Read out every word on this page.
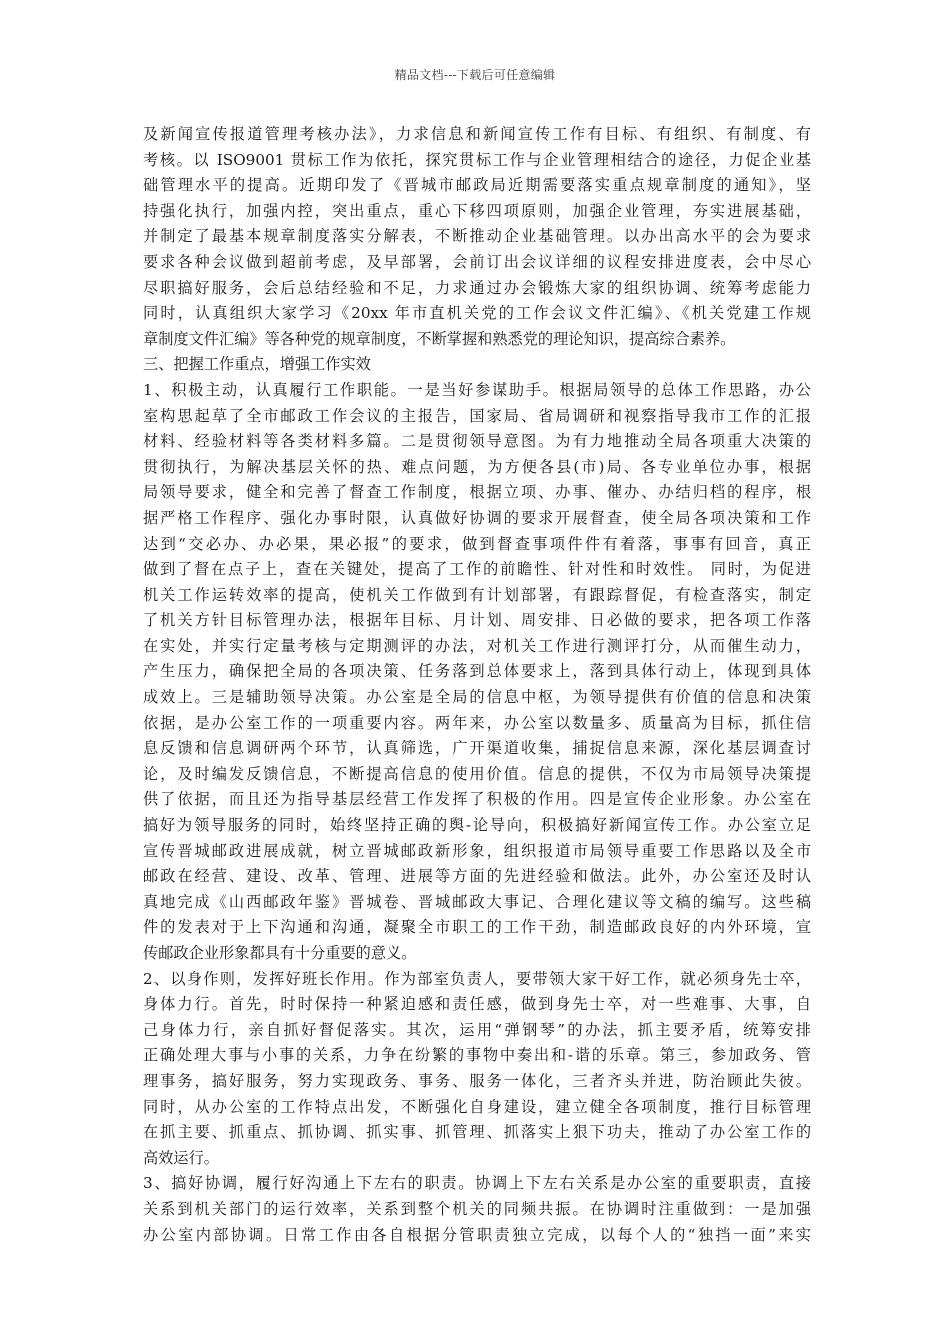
精品文档---下载后可任意编辑
及新闻宣传报道管理考核办法》，力求信息和新闻宣传工作有目标、有组织、有制度、有
考核。以 ISO9001 贯标工作为依托，探究贯标工作与企业管理相结合的途径，力促企业基
础管理水平的提高。近期印发了《晋城市邮政局近期需要落实重点规章制度的通知》，坚
持强化执行，加强内控，突出重点，重心下移四项原则，加强企业管理，夯实进展基础，
并制定了最基本规章制度落实分解表，不断推动企业基础管理。以办出高水平的会为要求
要求各种会议做到超前考虑，及早部署，会前订出会议详细的议程安排进度表，会中尽心
尽职搞好服务，会后总结经验和不足，力求通过办会锻炼大家的组织协调、统筹考虑能力
同时，认真组织大家学习《20xx 年市直机关党的工作会议文件汇编》、《机关党建工作规
章制度文件汇编》等各种党的规章制度，不断掌握和熟悉党的理论知识，提高综合素养。
三、把握工作重点，增强工作实效
1、积极主动，认真履行工作职能。一是当好参谋助手。根据局领导的总体工作思路，办公
室构思起草了全市邮政工作会议的主报告，国家局、省局调研和视察指导我市工作的汇报
材料、经验材料等各类材料多篇。二是贯彻领导意图。为有力地推动全局各项重大决策的
贯彻执行，为解决基层关怀的热、难点问题，为方便各县(市)局、各专业单位办事，根据
局领导要求，健全和完善了督查工作制度，根据立项、办事、催办、办结归档的程序，根
据严格工作程序、强化办事时限，认真做好协调的要求开展督查，使全局各项决策和工作
达到“交必办、办必果，果必报”的要求，做到督查事项件件有着落，事事有回音，真正
做到了督在点子上，查在关键处，提高了工作的前瞻性、针对性和时效性。 同时，为促进
机关工作运转效率的提高，使机关工作做到有计划部署，有跟踪督促，有检查落实，制定
了机关方针目标管理办法，根据年目标、月计划、周安排、日必做的要求，把各项工作落
在实处，并实行定量考核与定期测评的办法，对机关工作进行测评打分，从而催生动力，
产生压力，确保把全局的各项决策、任务落到总体要求上，落到具体行动上，体现到具体
成效上。三是辅助领导决策。办公室是全局的信息中枢，为领导提供有价值的信息和决策
依据，是办公室工作的一项重要内容。两年来，办公室以数量多、质量高为目标，抓住信
息反馈和信息调研两个环节，认真筛选，广开渠道收集，捕捉信息来源，深化基层调查讨
论，及时编发反馈信息，不断提高信息的使用价值。信息的提供，不仅为市局领导决策提
供了依据，而且还为指导基层经营工作发挥了积极的作用。四是宣传企业形象。办公室在
搞好为领导服务的同时，始终坚持正确的舆-论导向，积极搞好新闻宣传工作。办公室立足
宣传晋城邮政进展成就，树立晋城邮政新形象，组织报道市局领导重要工作思路以及全市
邮政在经营、建设、改革、管理、进展等方面的先进经验和做法。此外，办公室还及时认
真地完成《山西邮政年鉴》晋城卷、晋城邮政大事记、合理化建议等文稿的编写。这些稿
件的发表对于上下沟通和沟通，凝聚全市职工的工作干劲，制造邮政良好的内外环境，宣
传邮政企业形象都具有十分重要的意义。
2、以身作则，发挥好班长作用。作为部室负责人，要带领大家干好工作，就必须身先士卒，
身体力行。首先，时时保持一种紧迫感和责任感，做到身先士卒，对一些难事、大事，自
己身体力行，亲自抓好督促落实。其次，运用“弹钢琴”的办法，抓主要矛盾，统筹安排
正确处理大事与小事的关系，力争在纷繁的事物中奏出和-谐的乐章。第三，参加政务、管
理事务，搞好服务，努力实现政务、事务、服务一体化，三者齐头并进，防治顾此失彼。
同时，从办公室的工作特点出发，不断强化自身建设，建立健全各项制度，推行目标管理
在抓主要、抓重点、抓协调、抓实事、抓管理、抓落实上狠下功夫，推动了办公室工作的
高效运行。
3、搞好协调，履行好沟通上下左右的职责。协调上下左右关系是办公室的重要职责，直接
关系到机关部门的运行效率，关系到整个机关的同频共振。在协调时注重做到：一是加强
办公室内部协调。日常工作由各自根据分管职责独立完成，以每个人的“独挡一面”来实
